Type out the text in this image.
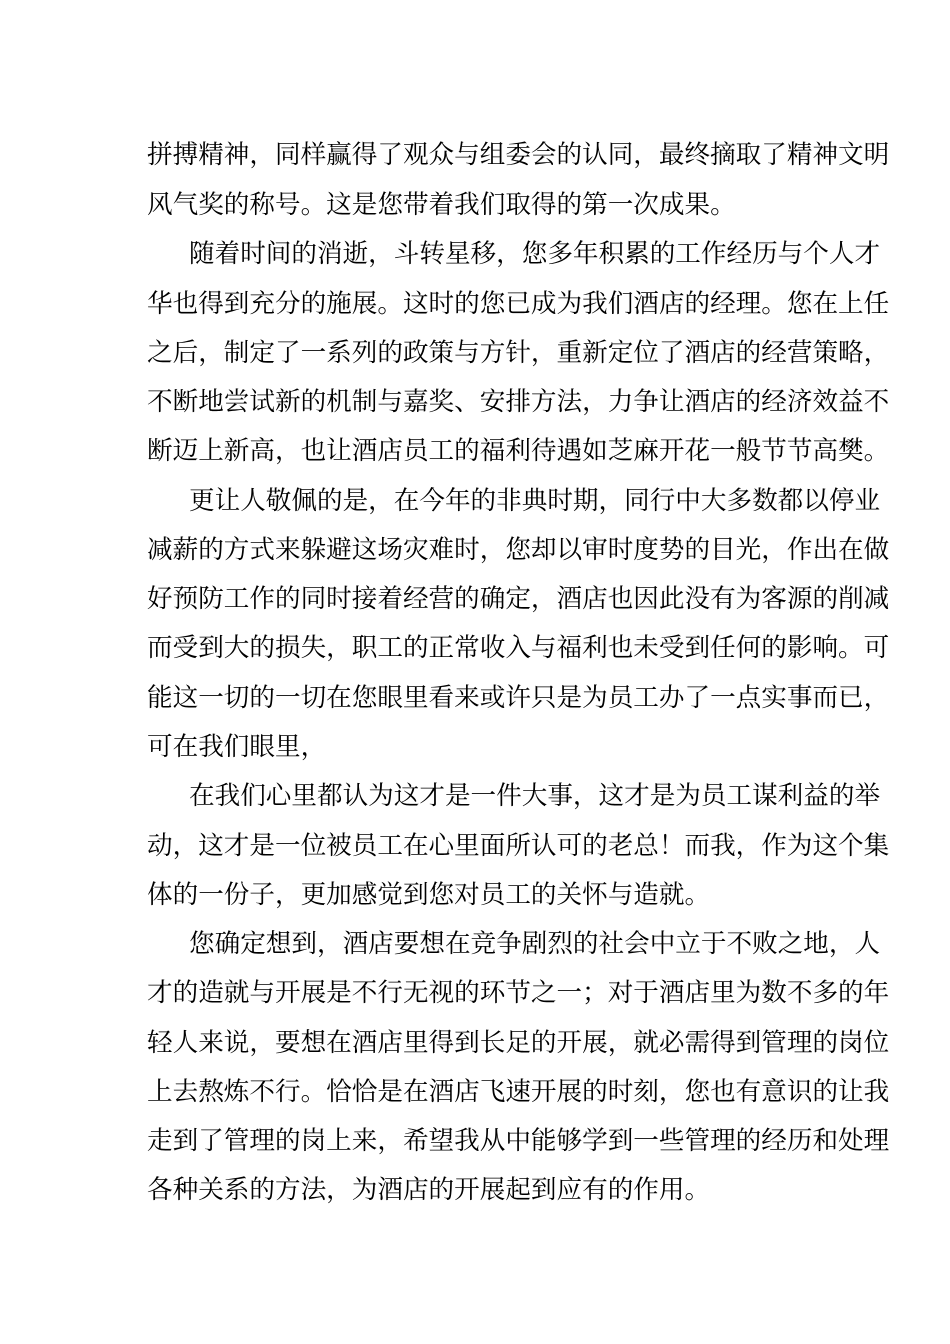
拼搏精神，同样赢得了观众与组委会的认同，最终摘取了精神文明

风气奖的称号。这是您带着我们取得的第一次成果。

随着时间的消逝，斗转星移，您多年积累的工作经历与个人才

华也得到充分的施展。这时的您已成为我们酒店的经理。您在上任

之后，制定了一系列的政策与方针，重新定位了酒店的经营策略，

不断地尝试新的机制与嘉奖、安排方法，力争让酒店的经济效益不

断迈上新高，也让酒店员工的福利待遇如芝麻开花一般节节高樊。

更让人敬佩的是，在今年的非典时期，同行中大多数都以停业

减薪的方式来躲避这场灾难时，您却以审时度势的目光，作出在做

好预防工作的同时接着经营的确定，酒店也因此没有为客源的削减

而受到大的损失，职工的正常收入与福利也未受到任何的影响。可

能这一切的一切在您眼里看来或许只是为员工办了一点实事而已，

可在我们眼里，

在我们心里都认为这才是一件大事，这才是为员工谋利益的举

动，这才是一位被员工在心里面所认可的老总！而我，作为这个集

体的一份子，更加感觉到您对员工的关怀与造就。

您确定想到，酒店要想在竞争剧烈的社会中立于不败之地，人

才的造就与开展是不行无视的环节之一；对于酒店里为数不多的年

轻人来说，要想在酒店里得到长足的开展，就必需得到管理的岗位

上去熬炼不行。恰恰是在酒店飞速开展的时刻，您也有意识的让我

走到了管理的岗上来，希望我从中能够学到一些管理的经历和处理

各种关系的方法，为酒店的开展起到应有的作用。
